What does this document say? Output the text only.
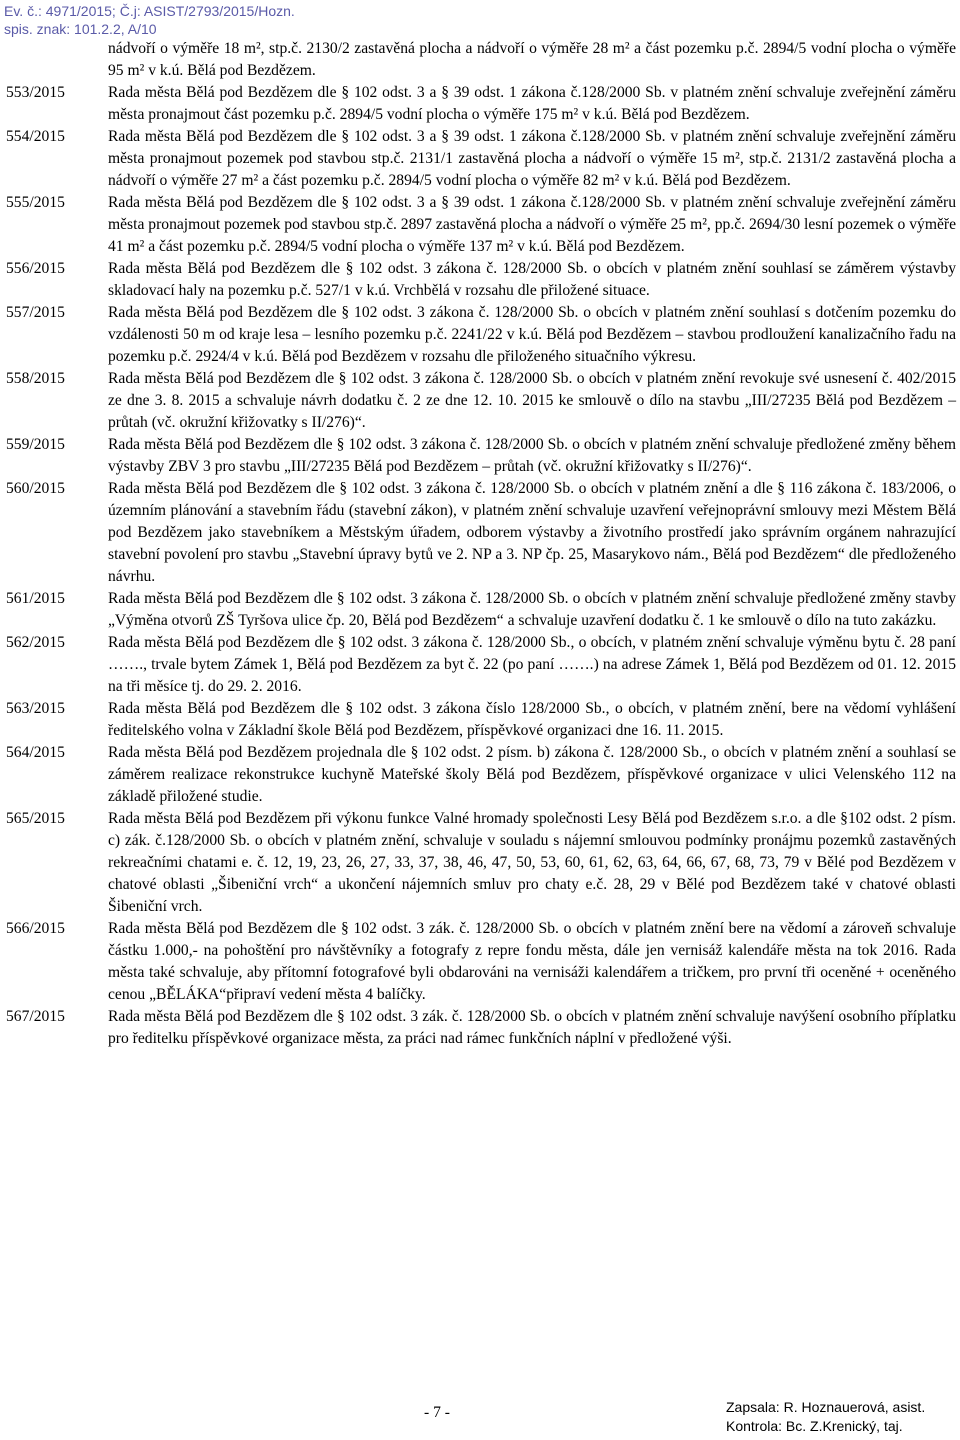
Ev. č.: 4971/2015; Č.j: ASIST/2793/2015/Hozn.
spis. znak: 101.2.2, A/10

nádvoří o výměře 18 m², stp.č. 2130/2 zastavěná plocha a nádvoří o výměře 28 m² a část pozemku p.č. 2894/5 vodní plocha o výměře 95 m² v k.ú. Bělá pod Bezdězem.

553/2015	Rada města Bělá pod Bezdězem dle § 102 odst. 3 a § 39 odst. 1 zákona č.128/2000 Sb. v platném znění schvaluje zveřejnění záměru města pronajmout část pozemku p.č. 2894/5 vodní plocha o výměře 175 m² v k.ú. Bělá pod Bezdězem.
554/2015	Rada města Bělá pod Bezdězem dle § 102 odst. 3 a § 39 odst. 1 zákona č.128/2000 Sb. v platném znění schvaluje zveřejnění záměru města pronajmout pozemek pod stavbou stp.č. 2131/1 zastavěná plocha a nádvoří o výměře 15 m², stp.č. 2131/2 zastavěná plocha a nádvoří o výměře 27 m² a část pozemku p.č. 2894/5 vodní plocha o výměře 82 m² v k.ú. Bělá pod Bezdězem.
555/2015	Rada města Bělá pod Bezdězem dle § 102 odst. 3 a § 39 odst. 1 zákona č.128/2000 Sb. v platném znění schvaluje zveřejnění záměru města pronajmout pozemek pod stavbou stp.č. 2897 zastavěná plocha a nádvoří o výměře 25 m², pp.č. 2694/30 lesní pozemek o výměře 41 m² a část pozemku p.č. 2894/5 vodní plocha o výměře 137 m² v k.ú. Bělá pod Bezdězem.
556/2015	Rada města Bělá pod Bezdězem dle § 102 odst. 3 zákona č. 128/2000 Sb. o obcích v platném znění souhlasí se záměrem výstavby skladovací haly na pozemku p.č. 527/1 v k.ú. Vrchbělá v rozsahu dle přiložené situace.
557/2015	Rada města Bělá pod Bezdězem dle § 102 odst. 3 zákona č. 128/2000 Sb. o obcích v platném znění souhlasí s dotčením pozemku do vzdálenosti 50 m od kraje lesa – lesního pozemku p.č. 2241/22 v k.ú. Bělá pod Bezdězem – stavbou prodloužení kanalizačního řadu na pozemku p.č. 2924/4 v k.ú. Bělá pod Bezdězem v rozsahu dle přiloženého situačního výkresu.
558/2015	Rada města Bělá pod Bezdězem dle § 102 odst. 3 zákona č. 128/2000 Sb. o obcích v platném znění revokuje své usnesení č. 402/2015 ze dne 3. 8. 2015 a schvaluje návrh dodatku č. 2 ze dne 12. 10. 2015 ke smlouvě o dílo na stavbu „III/27235 Bělá pod Bezdězem – průtah (vč. okružní křižovatky s II/276)“.
559/2015	Rada města Bělá pod Bezdězem dle § 102 odst. 3 zákona č. 128/2000 Sb. o obcích v platném znění schvaluje předložené změny během výstavby ZBV 3 pro stavbu „III/27235 Bělá pod Bezdězem – průtah (vč. okružní křižovatky s II/276)“.
560/2015	Rada města Bělá pod Bezdězem dle § 102 odst. 3 zákona č. 128/2000 Sb. o obcích v platném znění a dle § 116 zákona č. 183/2006, o územním plánování a stavebním řádu (stavební zákon), v platném znění schvaluje uzavření veřejnoprávní smlouvy mezi Městem Bělá pod Bezdězem jako stavebníkem a Městským úřadem, odborem výstavby a životního prostředí jako správním orgánem nahrazující stavební povolení pro stavbu „Stavební úpravy bytů ve 2. NP a 3. NP čp. 25, Masarykovo nám., Bělá pod Bezdězem“ dle předloženého návrhu.
561/2015	Rada města Bělá pod Bezdězem dle § 102 odst. 3 zákona č. 128/2000 Sb. o obcích v platném znění schvaluje předložené změny stavby „Výměna otvorů ZŠ Tyršova ulice čp. 20, Bělá pod Bezdězem“ a schvaluje uzavření dodatku č. 1 ke smlouvě o dílo na tuto zakázku.
562/2015	Rada města Bělá pod Bezdězem dle § 102 odst. 3 zákona č. 128/2000 Sb., o obcích, v platném znění schvaluje výměnu bytu č. 28 paní ……., trvale bytem Zámek 1, Bělá pod Bezdězem za byt č. 22 (po paní …….) na adrese Zámek 1, Bělá pod Bezdězem od 01. 12. 2015 na tři měsíce tj. do 29. 2. 2016.
563/2015	Rada města Bělá pod Bezdězem dle § 102 odst. 3 zákona číslo 128/2000 Sb., o obcích, v platném znění, bere na vědomí vyhlášení ředitelského volna v Základní škole Bělá pod Bezdězem, příspěvkové organizaci dne 16. 11. 2015.
564/2015	Rada města Bělá pod Bezdězem projednala dle § 102 odst. 2 písm. b) zákona č. 128/2000 Sb., o obcích v platném znění a souhlasí se záměrem realizace rekonstrukce kuchyně Mateřské školy Bělá pod Bezdězem, příspěvkové organizace v ulici Velenského 112 na základě přiložené studie.
565/2015	Rada města Bělá pod Bezdězem při výkonu funkce Valné hromady společnosti Lesy Bělá pod Bezdězem s.r.o. a dle §102 odst. 2 písm. c) zák. č.128/2000 Sb. o obcích v platném znění, schvaluje v souladu s nájemní smlouvou podmínky pronájmu pozemků zastavěných rekreačními chatami e. č. 12, 19, 23, 26, 27, 33, 37, 38, 46, 47, 50, 53, 60, 61, 62, 63, 64, 66, 67, 68, 73, 79 v Bělé pod Bezdězem v chatové oblasti „Šibeniční vrch“ a ukončení nájemních smluv pro chaty e.č. 28, 29 v Bělé pod Bezdězem také v chatové oblasti Šibeniční vrch.
566/2015	Rada města Bělá pod Bezdězem dle § 102 odst. 3 zák. č. 128/2000 Sb. o obcích v platném znění bere na vědomí a zároveň schvaluje částku 1.000,- na pohoštění pro návštěvníky a fotografy z repre fondu města, dále jen vernisáž kalendáře města na tok 2016. Rada města také schvaluje, aby přítomní fotografové byli obdarováni na vernisáži kalendářem a tričkem, pro první tři oceněné + oceněného cenou „BĚLÁKA“připraví vedení města 4 balíčky.
567/2015	Rada města Bělá pod Bezdězem dle § 102 odst. 3 zák. č. 128/2000 Sb. o obcích v platném znění schvaluje navýšení osobního příplatku pro ředitelku příspěvkové organizace města, za práci nad rámec funkčních náplní v předložené výši.
- 7 -	Zapsala: R. Hoznauerová, asist.
Kontrola: Bc. Z.Krenický, taj.
